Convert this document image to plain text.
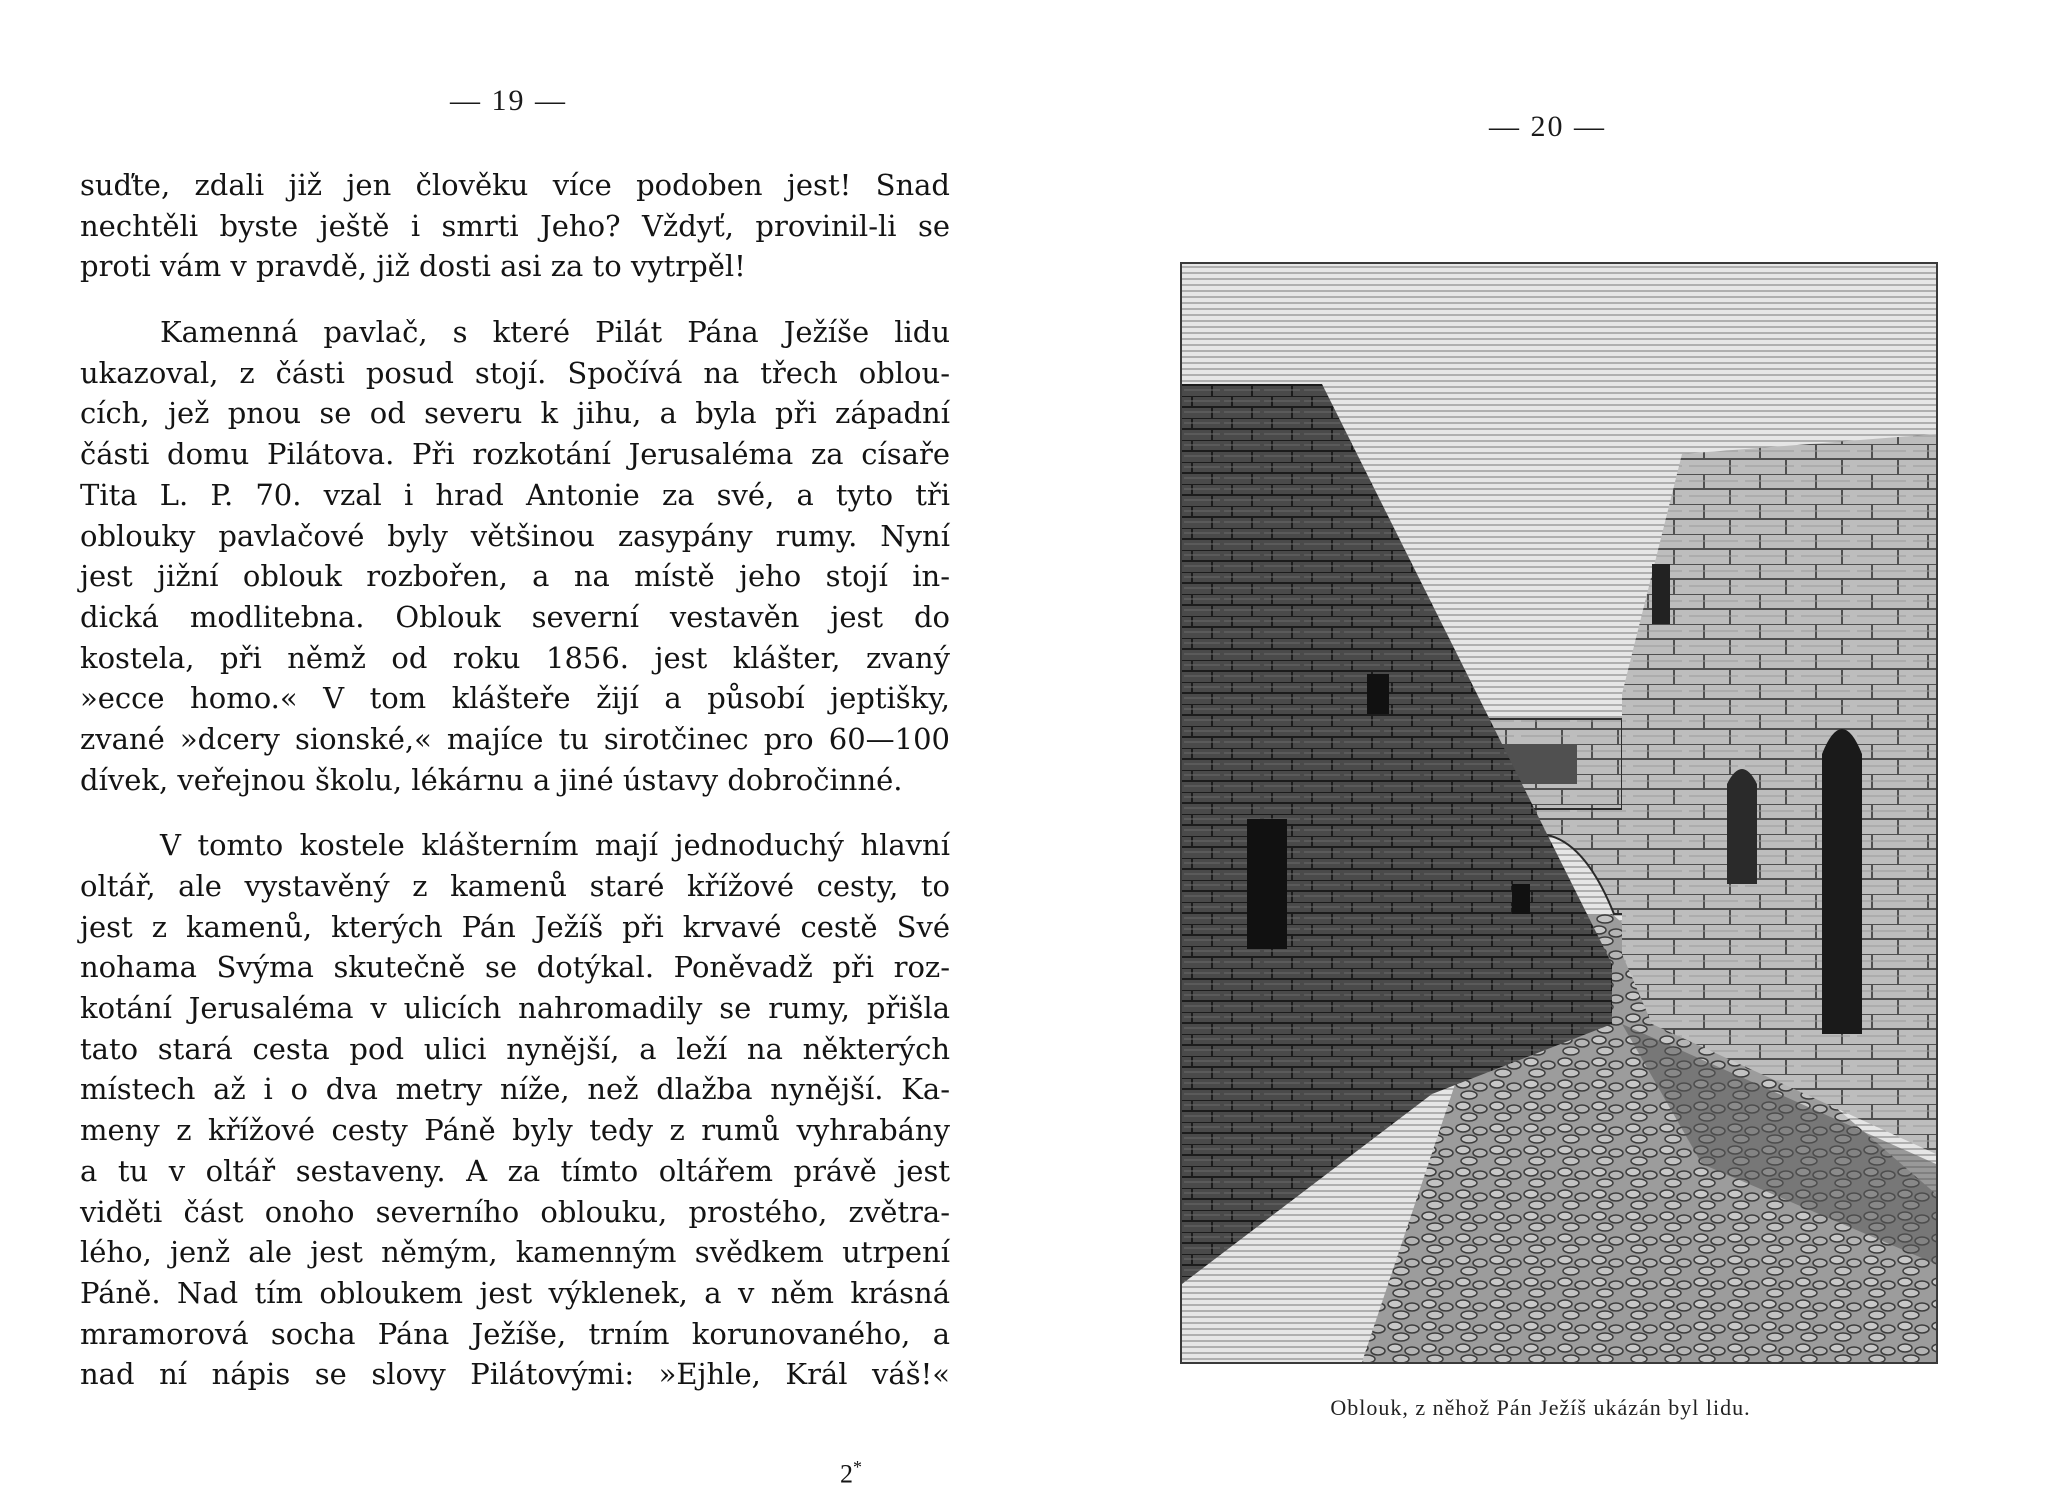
— 19 —
suďte, zdali již jen člověku více podoben jest! Snad
nechtěli byste ještě i smrti Jeho? Vždyť, provinil-li se
proti vám v pravdě, již dosti asi za to vytrpěl!
Kamenná pavlač, s které Pilát Pána Ježíše lidu
ukazoval, z části posud stojí. Spočívá na třech oblou-
cích, jež pnou se od severu k jihu, a byla při západní
části domu Pilátova. Při rozkotání Jerusaléma za císaře
Tita L. P. 70. vzal i hrad Antonie za své, a tyto tři
oblouky pavlačové byly většinou zasypány rumy. Nyní
jest jižní oblouk rozbořen, a na místě jeho stojí in-
dická modlitebna. Oblouk severní vestavěn jest do
kostela, při němž od roku 1856. jest klášter, zvaný
»ecce homo.« V tom klášteře žijí a působí jeptišky,
zvané »dcery sionské,« majíce tu sirotčinec pro 60—100
dívek, veřejnou školu, lékárnu a jiné ústavy dobročinné.
V tomto kostele klášterním mají jednoduchý hlavní
oltář, ale vystavěný z kamenů staré křížové cesty, to
jest z kamenů, kterých Pán Ježíš při krvavé cestě Své
nohama Svýma skutečně se dotýkal. Poněvadž při roz-
kotání Jerusaléma v ulicích nahromadily se rumy, přišla
tato stará cesta pod ulici nynější, a leží na některých
místech až i o dva metry níže, než dlažba nynější. Ka-
meny z křížové cesty Páně byly tedy z rumů vyhrabány
a tu v oltář sestaveny. A za tímto oltářem právě jest
viděti část onoho severního oblouku, prostého, zvětra-
lého, jenž ale jest němým, kamenným svědkem utrpení
Páně. Nad tím obloukem jest výklenek, a v něm krásná
mramorová socha Pána Ježíše, trním korunovaného, a
nad ní nápis se slovy Pilátovými: »Ejhle, Král váš!«
2*
— 20 —
Oblouk, z něhož Pán Ježíš ukázán byl lidu.
